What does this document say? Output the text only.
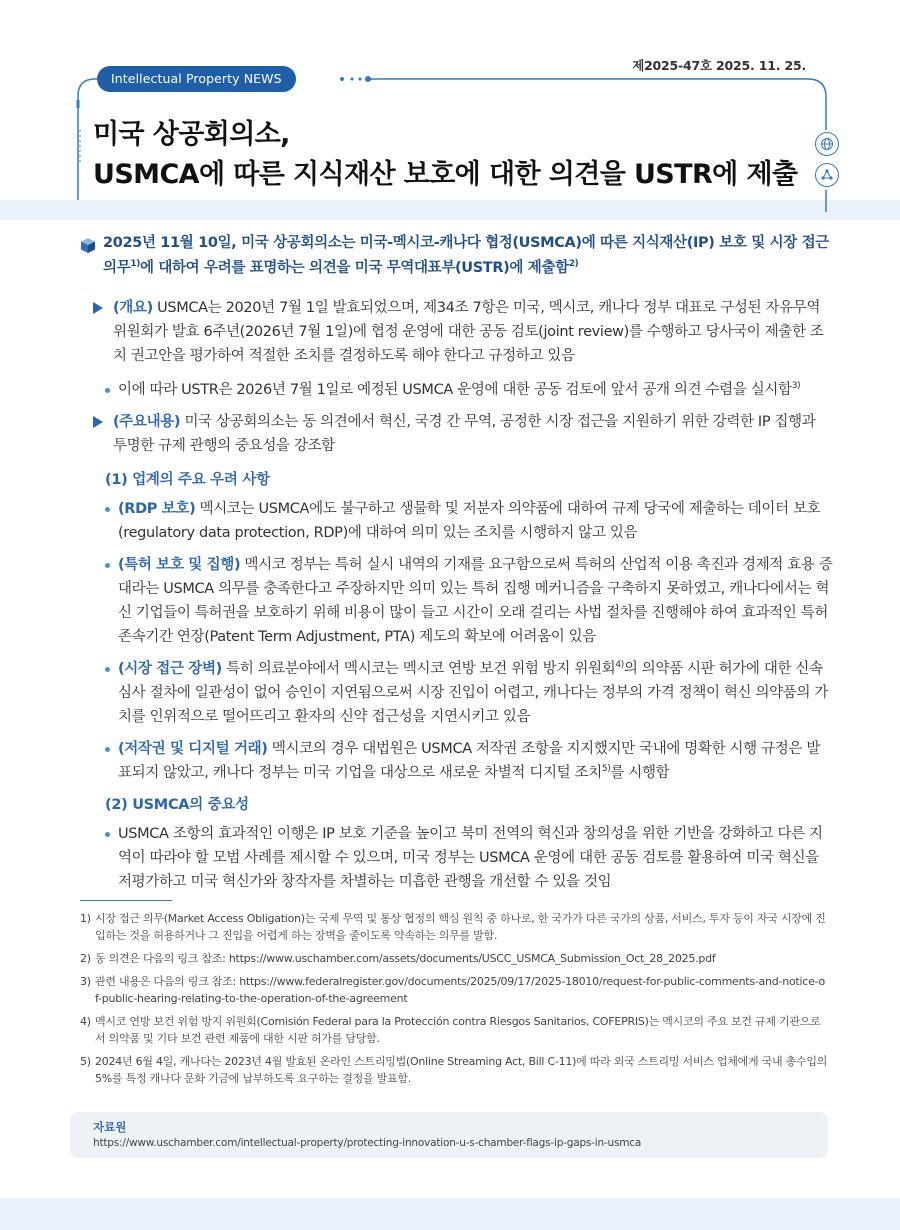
제2025-47호 2025. 11. 25.
Intellectual Property NEWS
미국 상공회의소,
USMCA에 따른 지식재산 보호에 대한 의견을 USTR에 제출
2025년 11월 10일, 미국 상공회의소는 미국-멕시코-캐나다 협정(USMCA)에 따른 지식재산(IP) 보호 및 시장 접근 의무$^{1)}$에 대하여 우려를 표명하는 의견을 미국 무역대표부(USTR)에 제출함$^{2)}$
(개요) USMCA는 2020년 7월 1일 발효되었으며, 제34조 7항은 미국, 멕시코, 캐나다 정부 대표로 구성된 자유무역위원회가 발효 6주년(2026년 7월 1일)에 협정 운영에 대한 공동 검토(joint review)를 수행하고 당사국이 제출한 조치 권고안을 평가하여 적절한 조치를 결정하도록 해야 한다고 규정하고 있음
이에 따라 USTR은 2026년 7월 1일로 예정된 USMCA 운영에 대한 공동 검토에 앞서 공개 의견 수렴을 실시함$^{3)}$
(주요내용) 미국 상공회의소는 동 의견에서 혁신, 국경 간 무역, 공정한 시장 접근을 지원하기 위한 강력한 IP 집행과 투명한 규제 관행의 중요성을 강조함
(1) 업계의 주요 우려 사항
(RDP 보호) 멕시코는 USMCA에도 불구하고 생물학 및 저분자 의약품에 대하여 규제 당국에 제출하는 데이터 보호(regulatory data protection, RDP)에 대하여 의미 있는 조치를 시행하지 않고 있음
(특허 보호 및 집행) 멕시코 정부는 특허 실시 내역의 기재를 요구함으로써 특허의 산업적 이용 촉진과 경제적 효용 증대라는 USMCA 의무를 충족한다고 주장하지만 의미 있는 특허 집행 메커니즘을 구축하지 못하였고, 캐나다에서는 혁신 기업들이 특허권을 보호하기 위해 비용이 많이 들고 시간이 오래 걸리는 사법 절차를 진행해야 하여 효과적인 특허 존속기간 연장(Patent Term Adjustment, PTA) 제도의 확보에 어려움이 있음
(시장 접근 장벽) 특히 의료분야에서 멕시코는 멕시코 연방 보건 위험 방지 위원회$^{4)}$의 의약품 시판 허가에 대한 신속심사 절차에 일관성이 없어 승인이 지연됨으로써 시장 진입이 어렵고, 캐나다는 정부의 가격 정책이 혁신 의약품의 가치를 인위적으로 떨어뜨리고 환자의 신약 접근성을 지연시키고 있음
(저작권 및 디지털 거래) 멕시코의 경우 대법원은 USMCA 저작권 조항을 지지했지만 국내에 명확한 시행 규정은 발표되지 않았고, 캐나다 정부는 미국 기업을 대상으로 새로운 차별적 디지털 조치$^{5)}$를 시행함
(2) USMCA의 중요성
USMCA 조항의 효과적인 이행은 IP 보호 기준을 높이고 북미 전역의 혁신과 창의성을 위한 기반을 강화하고 다른 지역이 따라야 할 모범 사례를 제시할 수 있으며, 미국 정부는 USMCA 운영에 대한 공동 검토를 활용하여 미국 혁신을 저평가하고 미국 혁신가와 창작자를 차별하는 미흡한 관행을 개선할 수 있을 것임
1) 시장 접근 의무(Market Access Obligation)는 국제 무역 및 통상 협정의 핵심 원칙 중 하나로, 한 국가가 다른 국가의 상품, 서비스, 투자 등이 자국 시장에 진입하는 것을 허용하거나 그 진입을 어렵게 하는 장벽을 줄이도록 약속하는 의무를 말함.
2) 동 의견은 다음의 링크 참조: https://www.uschamber.com/assets/documents/USCC_USMCA_Submission_Oct_28_2025.pdf
3) 관련 내용은 다음의 링크 참조: https://www.federalregister.gov/documents/2025/09/17/2025-18010/request-for-public-comments-and-notice-of-public-hearing-relating-to-the-operation-of-the-agreement
4) 멕시코 연방 보건 위험 방지 위원회(Comisión Federal para la Protección contra Riesgos Sanitarios, COFEPRIS)는 멕시코의 주요 보건 규제 기관으로서 의약품 및 기타 보건 관련 제품에 대한 시판 허가를 담당함.
5) 2024년 6월 4일, 캐나다는 2023년 4월 발효된 온라인 스트리밍법(Online Streaming Act, Bill C-11)에 따라 외국 스트리밍 서비스 업체에게 국내 총수입의 5%를 특정 캐나다 문화 기금에 납부하도록 요구하는 결정을 발표함.
자료원
https://www.uschamber.com/intellectual-property/protecting-innovation-u-s-chamber-flags-ip-gaps-in-usmca
